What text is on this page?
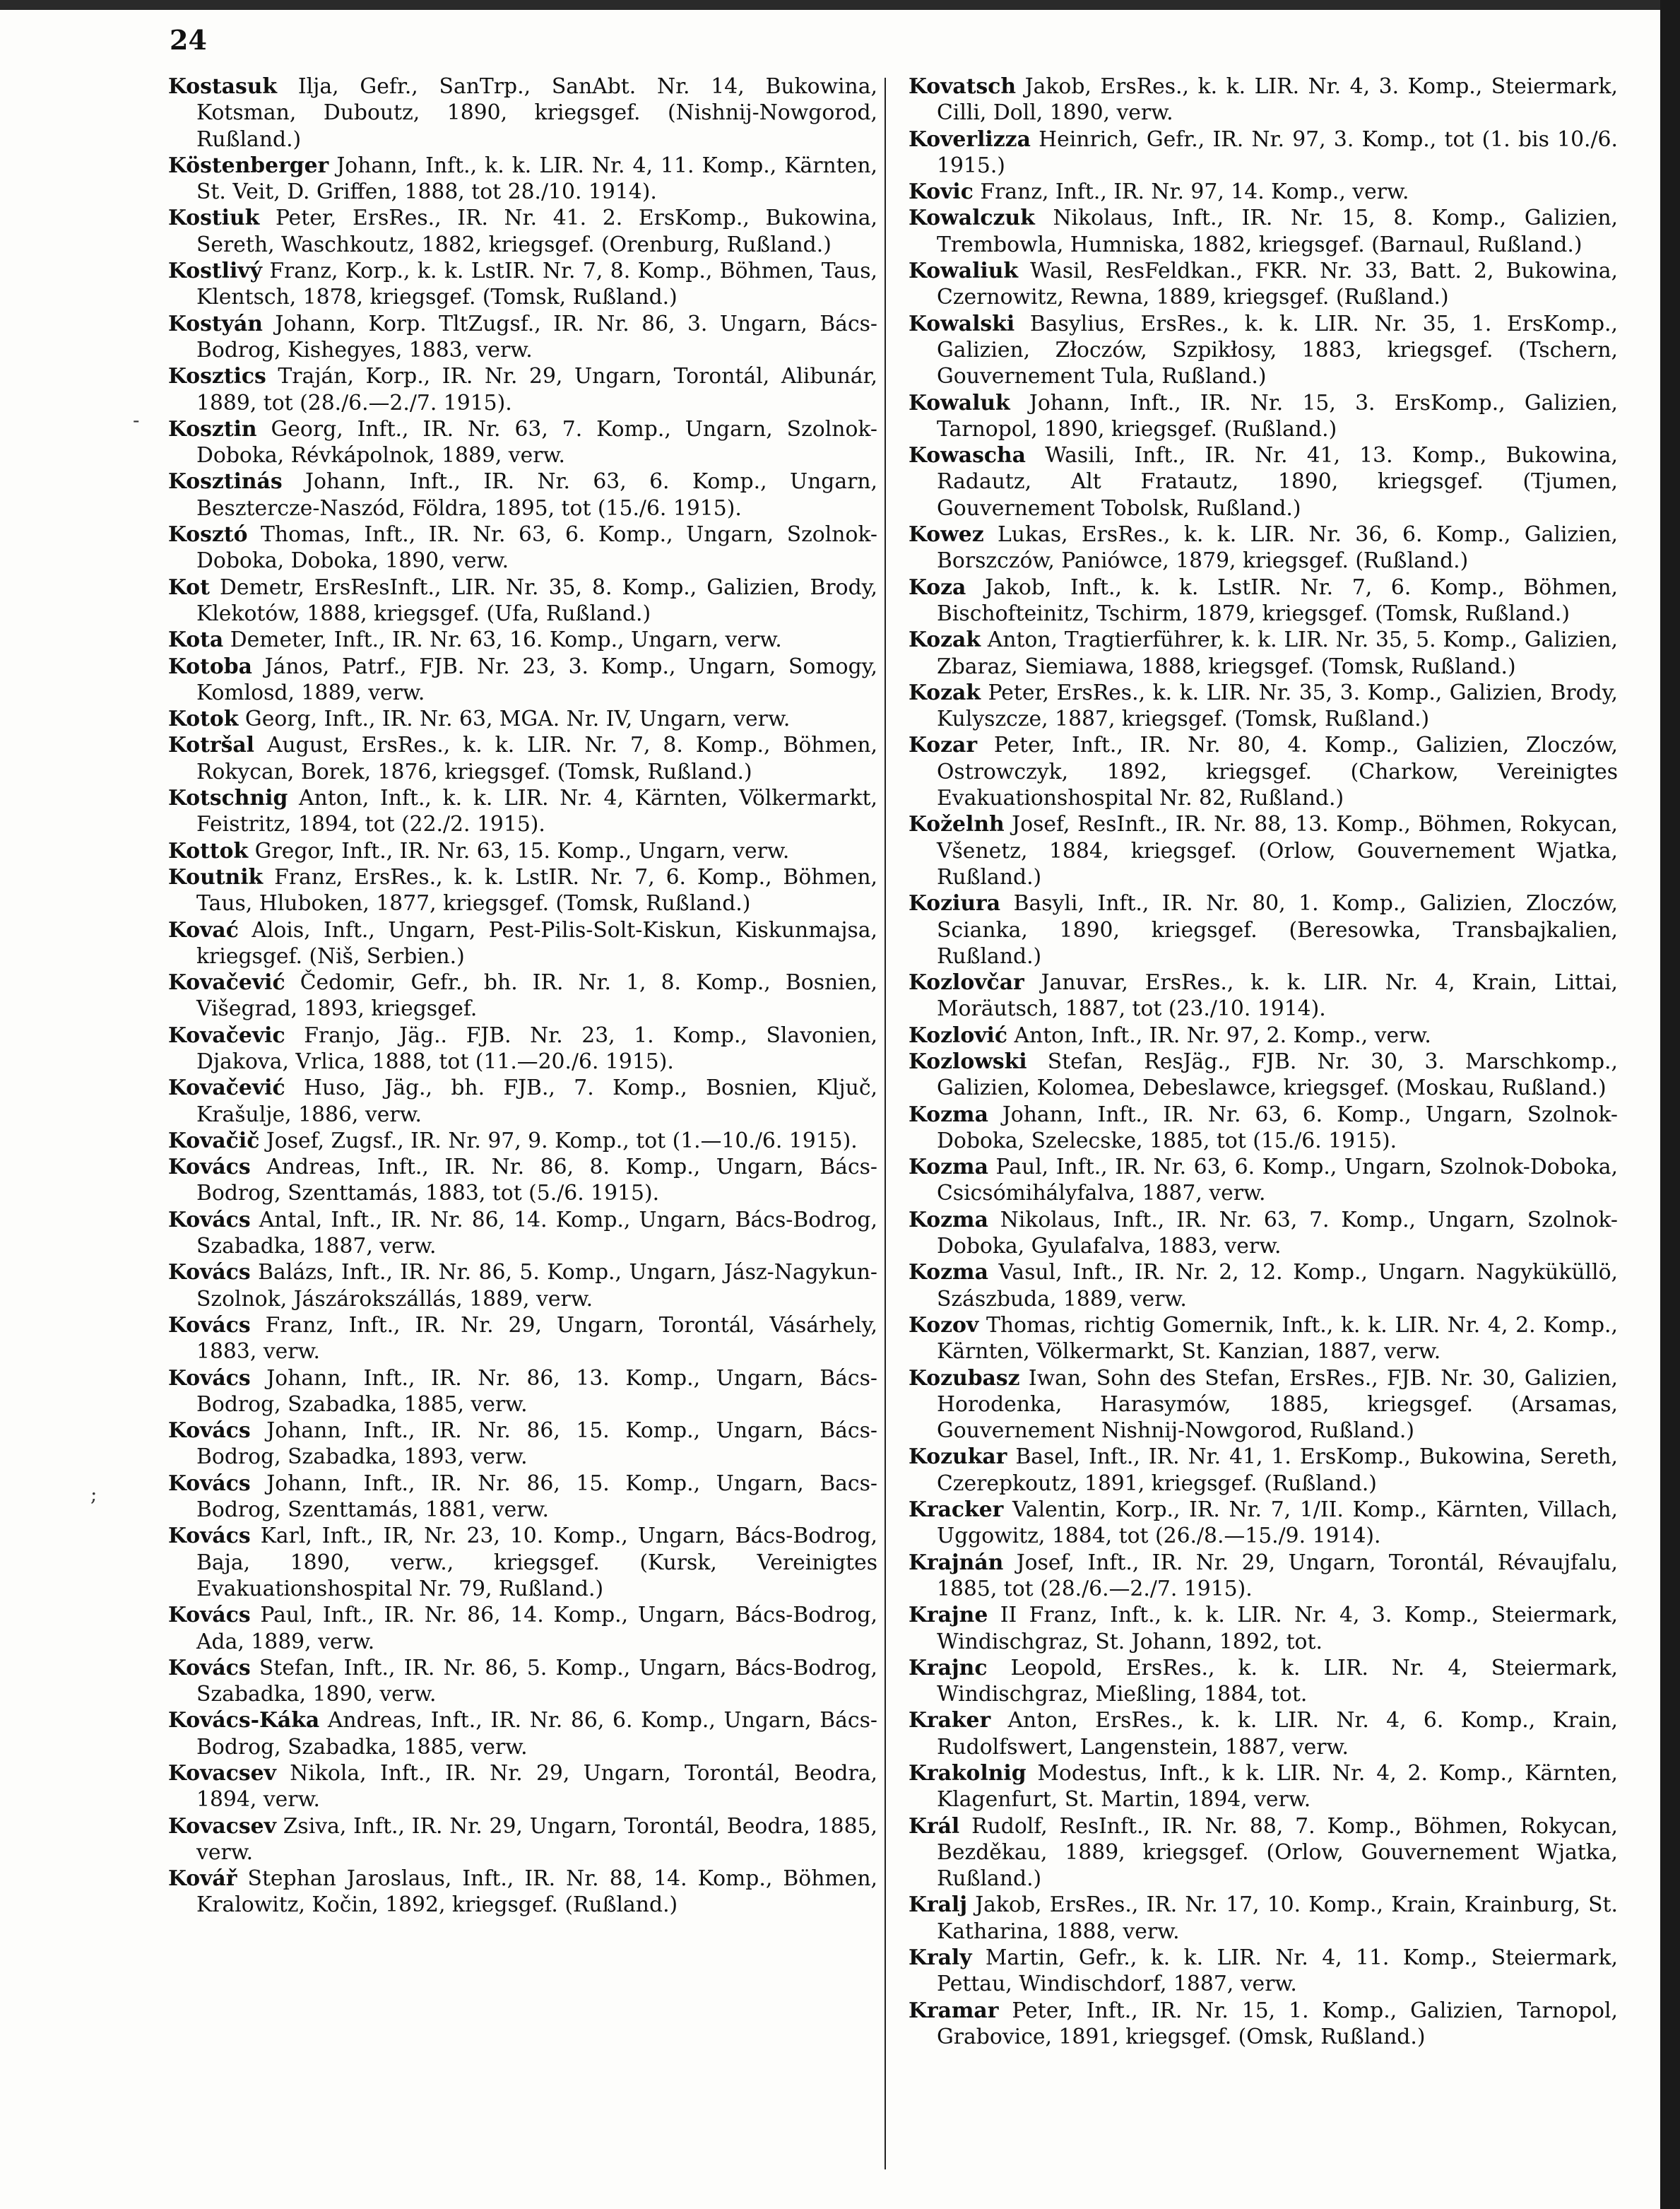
24
-
;

Kostasuk Ilja, Gefr., SanTrp., SanAbt. Nr. 14, Bukowina, Kotsman, Duboutz, 1890, kriegsgef. (Nishnij-Nowgorod, Rußland.)

Köstenberger Johann, Inft., k. k. LIR. Nr. 4, 11. Komp., Kärnten, St. Veit, D. Griffen, 1888, tot 28./10. 1914).

Kostiuk Peter, ErsRes., IR. Nr. 41. 2. ErsKomp., Bukowina, Sereth, Waschkoutz, 1882, kriegsgef. (Orenburg, Rußland.)

Kostlivý Franz, Korp., k. k. LstIR. Nr. 7, 8. Komp., Böhmen, Taus, Klentsch, 1878, kriegsgef. (Tomsk, Rußland.)

Kostyán Johann, Korp. TltZugsf., IR. Nr. 86, 3. Ungarn, Bács-Bodrog, Kishegyes, 1883, verw.

Kosztics Traján, Korp., IR. Nr. 29, Ungarn, Torontál, Alibunár, 1889, tot (28./6.—2./7. 1915).

Kosztin Georg, Inft., IR. Nr. 63, 7. Komp., Ungarn, Szolnok-Doboka, Révkápolnok, 1889, verw.

Kosztinás Johann, Inft., IR. Nr. 63, 6. Komp., Ungarn, Besztercze-Naszód, Földra, 1895, tot (15./6. 1915).

Kosztó Thomas, Inft., IR. Nr. 63, 6. Komp., Ungarn, Szolnok-Doboka, Doboka, 1890, verw.

Kot Demetr, ErsResInft., LIR. Nr. 35, 8. Komp., Galizien, Brody, Klekotów, 1888, kriegsgef. (Ufa, Rußland.)

Kota Demeter, Inft., IR. Nr. 63, 16. Komp., Ungarn, verw.

Kotoba János, Patrf., FJB. Nr. 23, 3. Komp., Ungarn, Somogy, Komlosd, 1889, verw.

Kotok Georg, Inft., IR. Nr. 63, MGA. Nr. IV, Ungarn, verw.

Kotršal August, ErsRes., k. k. LIR. Nr. 7, 8. Komp., Böhmen, Rokycan, Borek, 1876, kriegsgef. (Tomsk, Rußland.)

Kotschnig Anton, Inft., k. k. LIR. Nr. 4, Kärnten, Völkermarkt, Feistritz, 1894, tot (22./2. 1915).

Kottok Gregor, Inft., IR. Nr. 63, 15. Komp., Ungarn, verw.

Koutnik Franz, ErsRes., k. k. LstIR. Nr. 7, 6. Komp., Böhmen, Taus, Hluboken, 1877, kriegsgef. (Tomsk, Rußland.)

Kovać Alois, Inft., Ungarn, Pest-Pilis-Solt-Kiskun, Kiskunmajsa, kriegsgef. (Niš, Serbien.)

Kovačević Čedomir, Gefr., bh. IR. Nr. 1, 8. Komp., Bosnien, Višegrad, 1893, kriegsgef.

Kovačevic Franjo, Jäg.. FJB. Nr. 23, 1. Komp., Slavonien, Djakova, Vrlica, 1888, tot (11.—20./6. 1915).

Kovačević Huso, Jäg., bh. FJB., 7. Komp., Bosnien, Ključ, Krašulje, 1886, verw.

Kovačič Josef, Zugsf., IR. Nr. 97, 9. Komp., tot (1.—10./6. 1915).

Kovács Andreas, Inft., IR. Nr. 86, 8. Komp., Ungarn, Bács-Bodrog, Szenttamás, 1883, tot (5./6. 1915).

Kovács Antal, Inft., IR. Nr. 86, 14. Komp., Ungarn, Bács-Bodrog, Szabadka, 1887, verw.

Kovács Balázs, Inft., IR. Nr. 86, 5. Komp., Ungarn, Jász-Nagykun-Szolnok, Jászárokszállás, 1889, verw.

Kovács Franz, Inft., IR. Nr. 29, Ungarn, Torontál, Vásárhely, 1883, verw.

Kovács Johann, Inft., IR. Nr. 86, 13. Komp., Ungarn, Bács-Bodrog, Szabadka, 1885, verw.

Kovács Johann, Inft., IR. Nr. 86, 15. Komp., Ungarn, Bács-Bodrog, Szabadka, 1893, verw.

Kovács Johann, Inft., IR. Nr. 86, 15. Komp., Ungarn, Bacs-Bodrog, Szenttamás, 1881, verw.

Kovács Karl, Inft., IR, Nr. 23, 10. Komp., Ungarn, Bács-Bodrog, Baja, 1890, verw., kriegsgef. (Kursk, Vereinigtes Evakuationshospital Nr. 79, Rußland.)

Kovács Paul, Inft., IR. Nr. 86, 14. Komp., Ungarn, Bács-Bodrog, Ada, 1889, verw.

Kovács Stefan, Inft., IR. Nr. 86, 5. Komp., Ungarn, Bács-Bodrog, Szabadka, 1890, verw.

Kovács-Káka Andreas, Inft., IR. Nr. 86, 6. Komp., Ungarn, Bács-Bodrog, Szabadka, 1885, verw.

Kovacsev Nikola, Inft., IR. Nr. 29, Ungarn, Torontál, Beodra, 1894, verw.

Kovacsev Zsiva, Inft., IR. Nr. 29, Ungarn, Torontál, Beodra, 1885, verw.

Kovář Stephan Jaroslaus, Inft., IR. Nr. 88, 14. Komp., Böhmen, Kralowitz, Kočin, 1892, kriegsgef. (Rußland.)

Kovatsch Jakob, ErsRes., k. k. LIR. Nr. 4, 3. Komp., Steiermark, Cilli, Doll, 1890, verw.

Koverlizza Heinrich, Gefr., IR. Nr. 97, 3. Komp., tot (1. bis 10./6. 1915.)

Kovic Franz, Inft., IR. Nr. 97, 14. Komp., verw.

Kowalczuk Nikolaus, Inft., IR. Nr. 15, 8. Komp., Galizien, Trembowla, Humniska, 1882, kriegsgef. (Barnaul, Rußland.)

Kowaliuk Wasil, ResFeldkan., FKR. Nr. 33, Batt. 2, Bukowina, Czernowitz, Rewna, 1889, kriegsgef. (Rußland.)

Kowalski Basylius, ErsRes., k. k. LIR. Nr. 35, 1. ErsKomp., Galizien, Złoczów, Szpikłosy, 1883, kriegsgef. (Tschern, Gouvernement Tula, Rußland.)

Kowaluk Johann, Inft., IR. Nr. 15, 3. ErsKomp., Galizien, Tarnopol, 1890, kriegsgef. (Rußland.)

Kowascha Wasili, Inft., IR. Nr. 41, 13. Komp., Bukowina, Radautz, Alt Fratautz, 1890, kriegsgef. (Tjumen, Gouvernement Tobolsk, Rußland.)

Kowez Lukas, ErsRes., k. k. LIR. Nr. 36, 6. Komp., Galizien, Borszczów, Paniówce, 1879, kriegsgef. (Rußland.)

Koza Jakob, Inft., k. k. LstIR. Nr. 7, 6. Komp., Böhmen, Bischofteinitz, Tschirm, 1879, kriegsgef. (Tomsk, Rußland.)

Kozak Anton, Tragtierführer, k. k. LIR. Nr. 35, 5. Komp., Galizien, Zbaraz, Siemiawa, 1888, kriegsgef. (Tomsk, Rußland.)

Kozak Peter, ErsRes., k. k. LIR. Nr. 35, 3. Komp., Galizien, Brody, Kulyszcze, 1887, kriegsgef. (Tomsk, Rußland.)

Kozar Peter, Inft., IR. Nr. 80, 4. Komp., Galizien, Zloczów, Ostrowczyk, 1892, kriegsgef. (Charkow, Vereinigtes Evakuationshospital Nr. 82, Rußland.)

Koželnh Josef, ResInft., IR. Nr. 88, 13. Komp., Böhmen, Rokycan, Všenetz, 1884, kriegsgef. (Orlow, Gouvernement Wjatka, Rußland.)

Koziura Basyli, Inft., IR. Nr. 80, 1. Komp., Galizien, Zloczów, Scianka, 1890, kriegsgef. (Beresowka, Transbajkalien, Rußland.)

Kozlovčar Januvar, ErsRes., k. k. LIR. Nr. 4, Krain, Littai, Moräutsch, 1887, tot (23./10. 1914).

Kozlović Anton, Inft., IR. Nr. 97, 2. Komp., verw.

Kozlowski Stefan, ResJäg., FJB. Nr. 30, 3. Marschkomp., Galizien, Kolomea, Debeslawce, kriegsgef. (Moskau, Rußland.)

Kozma Johann, Inft., IR. Nr. 63, 6. Komp., Ungarn, Szolnok-Doboka, Szelecske, 1885, tot (15./6. 1915).

Kozma Paul, Inft., IR. Nr. 63, 6. Komp., Ungarn, Szolnok-Doboka, Csicsómihályfalva, 1887, verw.

Kozma Nikolaus, Inft., IR. Nr. 63, 7. Komp., Ungarn, Szolnok-Doboka, Gyulafalva, 1883, verw.

Kozma Vasul, Inft., IR. Nr. 2, 12. Komp., Ungarn. Nagyküküllö, Szászbuda, 1889, verw.

Kozov Thomas, richtig Gomernik, Inft., k. k. LIR. Nr. 4, 2. Komp., Kärnten, Völkermarkt, St. Kanzian, 1887, verw.

Kozubasz Iwan, Sohn des Stefan, ErsRes., FJB. Nr. 30, Galizien, Horodenka, Harasymów, 1885, kriegsgef. (Arsamas, Gouvernement Nishnij-Nowgorod, Rußland.)

Kozukar Basel, Inft., IR. Nr. 41, 1. ErsKomp., Bukowina, Sereth, Czerepkoutz, 1891, kriegsgef. (Rußland.)

Kracker Valentin, Korp., IR. Nr. 7, 1/II. Komp., Kärnten, Villach, Uggowitz, 1884, tot (26./8.—15./9. 1914).

Krajnán Josef, Inft., IR. Nr. 29, Ungarn, Torontál, Révaujfalu, 1885, tot (28./6.—2./7. 1915).

Krajne II Franz, Inft., k. k. LIR. Nr. 4, 3. Komp., Steiermark, Windischgraz, St. Johann, 1892, tot.

Krajnc Leopold, ErsRes., k. k. LIR. Nr. 4, Steiermark, Windischgraz, Mießling, 1884, tot.

Kraker Anton, ErsRes., k. k. LIR. Nr. 4, 6. Komp., Krain, Rudolfswert, Langenstein, 1887, verw.

Krakolnig Modestus, Inft., k k. LIR. Nr. 4, 2. Komp., Kärnten, Klagenfurt, St. Martin, 1894, verw.

Král Rudolf, ResInft., IR. Nr. 88, 7. Komp., Böhmen, Rokycan, Bezděkau, 1889, kriegsgef. (Orlow, Gouvernement Wjatka, Rußland.)

Kralj Jakob, ErsRes., IR. Nr. 17, 10. Komp., Krain, Krainburg, St. Katharina, 1888, verw.

Kraly Martin, Gefr., k. k. LIR. Nr. 4, 11. Komp., Steiermark, Pettau, Windischdorf, 1887, verw.

Kramar Peter, Inft., IR. Nr. 15, 1. Komp., Galizien, Tarnopol, Grabovice, 1891, kriegsgef. (Omsk, Rußland.)
